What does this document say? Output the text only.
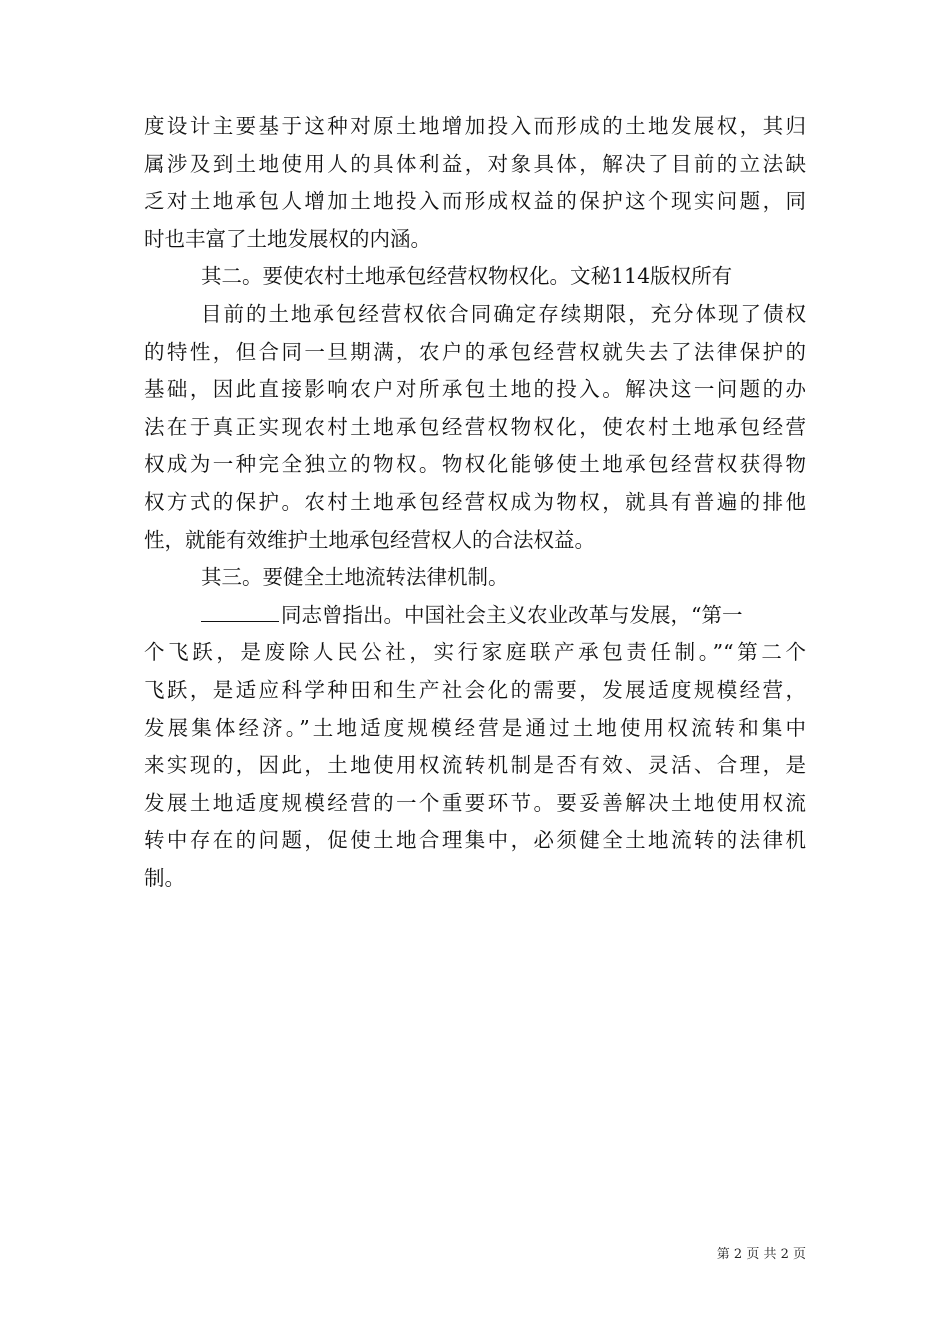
度设计主要基于这种对原土地增加投入而形成的土地发展权，其归
属涉及到土地使用人的具体利益，对象具体，解决了目前的立法缺
乏对土地承包人增加土地投入而形成权益的保护这个现实问题，同
时也丰富了土地发展权的内涵。
其二。要使农村土地承包经营权物权化。文秘114版权所有
目前的土地承包经营权依合同确定存续期限，充分体现了债权
的特性，但合同一旦期满，农户的承包经营权就失去了法律保护的
基础，因此直接影响农户对所承包土地的投入。解决这一问题的办
法在于真正实现农村土地承包经营权物权化，使农村土地承包经营
权成为一种完全独立的物权。物权化能够使土地承包经营权获得物
权方式的保护。农村土地承包经营权成为物权，就具有普遍的排他
性，就能有效维护土地承包经营权人的合法权益。
其三。要健全土地流转法律机制。
同志曾指出。中国社会主义农业改革与发展，“第一
个飞跃，是废除人民公社，实行家庭联产承包责任制。”“第二个
飞跃，是适应科学种田和生产社会化的需要，发展适度规模经营，
发展集体经济。”土地适度规模经营是通过土地使用权流转和集中
来实现的，因此，土地使用权流转机制是否有效、灵活、合理，是
发展土地适度规模经营的一个重要环节。要妥善解决土地使用权流
转中存在的问题，促使土地合理集中，必须健全土地流转的法律机
制。
第 2 页 共 2 页
